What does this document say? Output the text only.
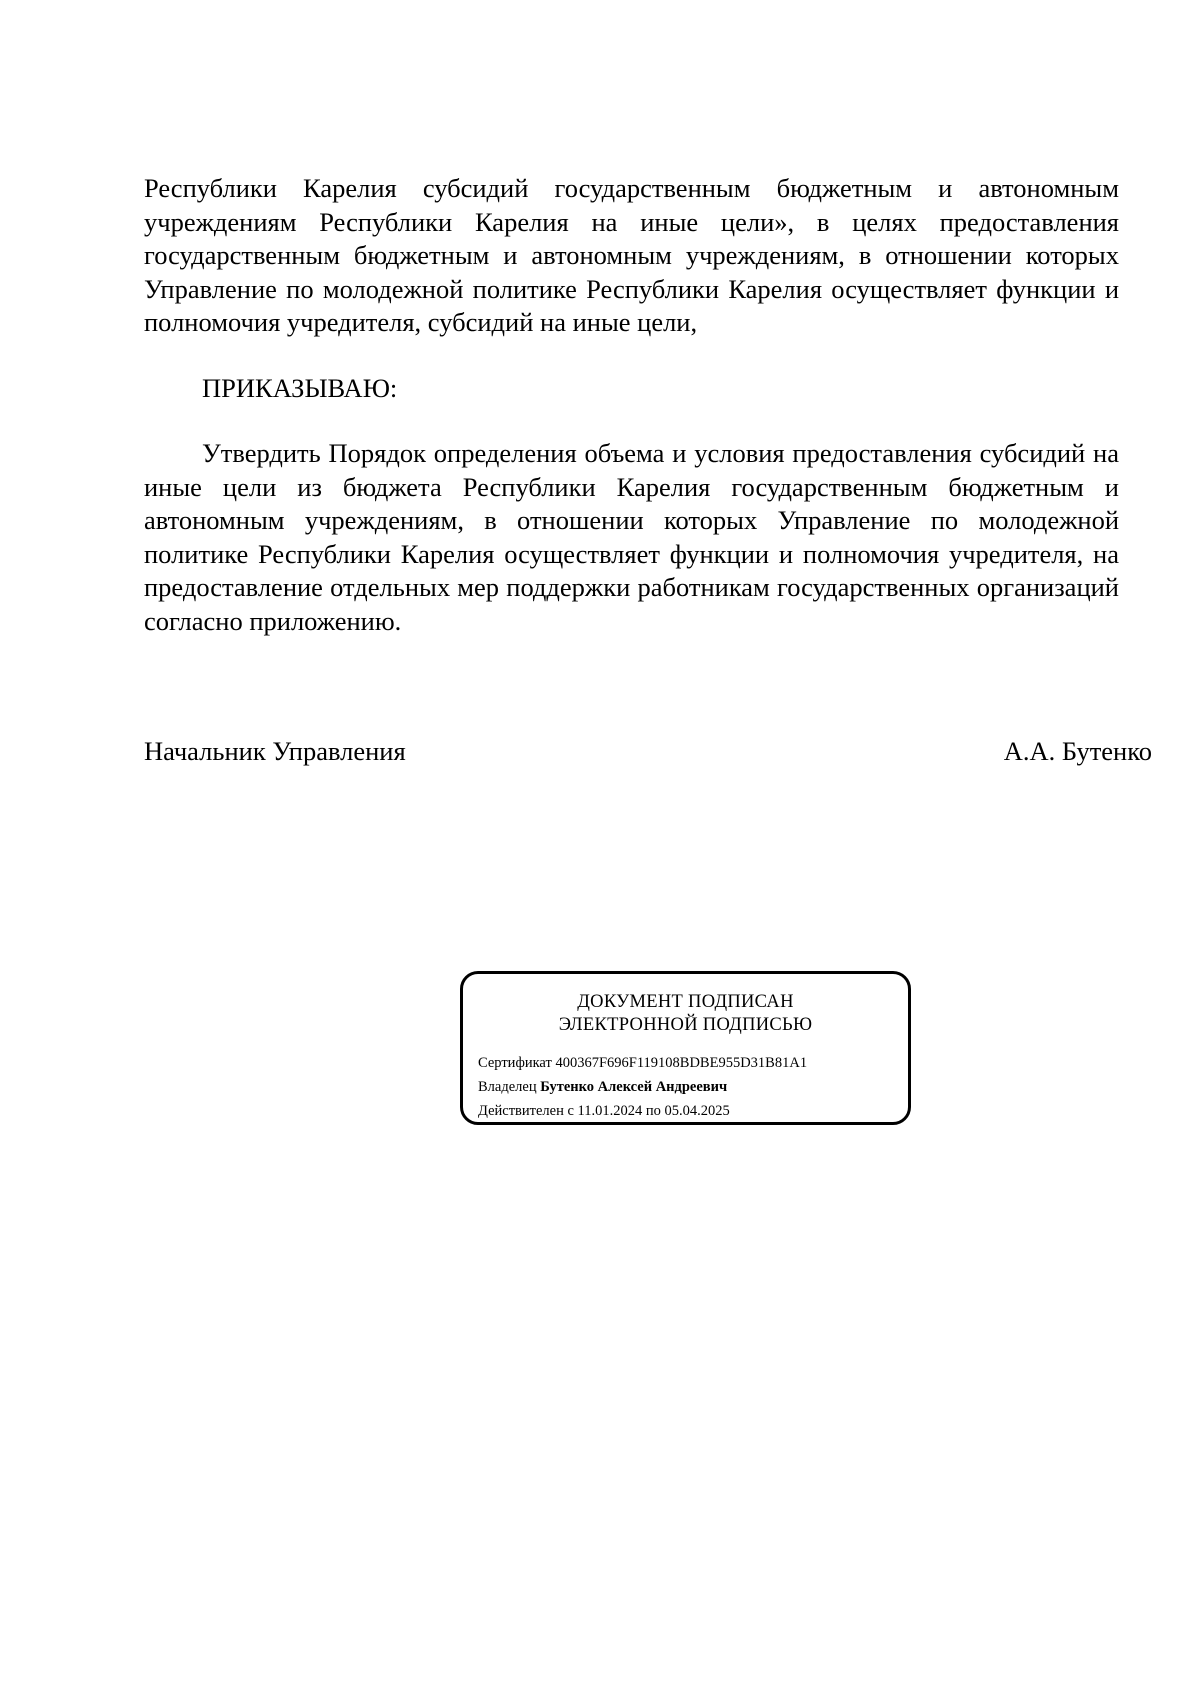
Республики Карелия субсидий государственным бюджетным и автономным учреждениям Республики Карелия на иные цели», в целях предоставления государственным бюджетным и автономным учреждениям, в отношении которых Управление по молодежной политике Республики Карелия осуществляет функции и полномочия учредителя, субсидий на иные цели,
ПРИКАЗЫВАЮ:
Утвердить Порядок определения объема и условия предоставления субсидий на иные цели из бюджета Республики Карелия государственным бюджетным и автономным учреждениям, в отношении которых Управление по молодежной политике Республики Карелия осуществляет функции и полномочия учредителя, на предоставление отдельных мер поддержки работникам государственных организаций согласно приложению.
Начальник Управления	А.А. Бутенко
ДОКУМЕНТ ПОДПИСАН
ЭЛЕКТРОННОЙ ПОДПИСЬЮ
Сертификат 400367F696F119108BDBE955D31B81A1
Владелец Бутенко Алексей Андреевич
Действителен с 11.01.2024 по 05.04.2025
